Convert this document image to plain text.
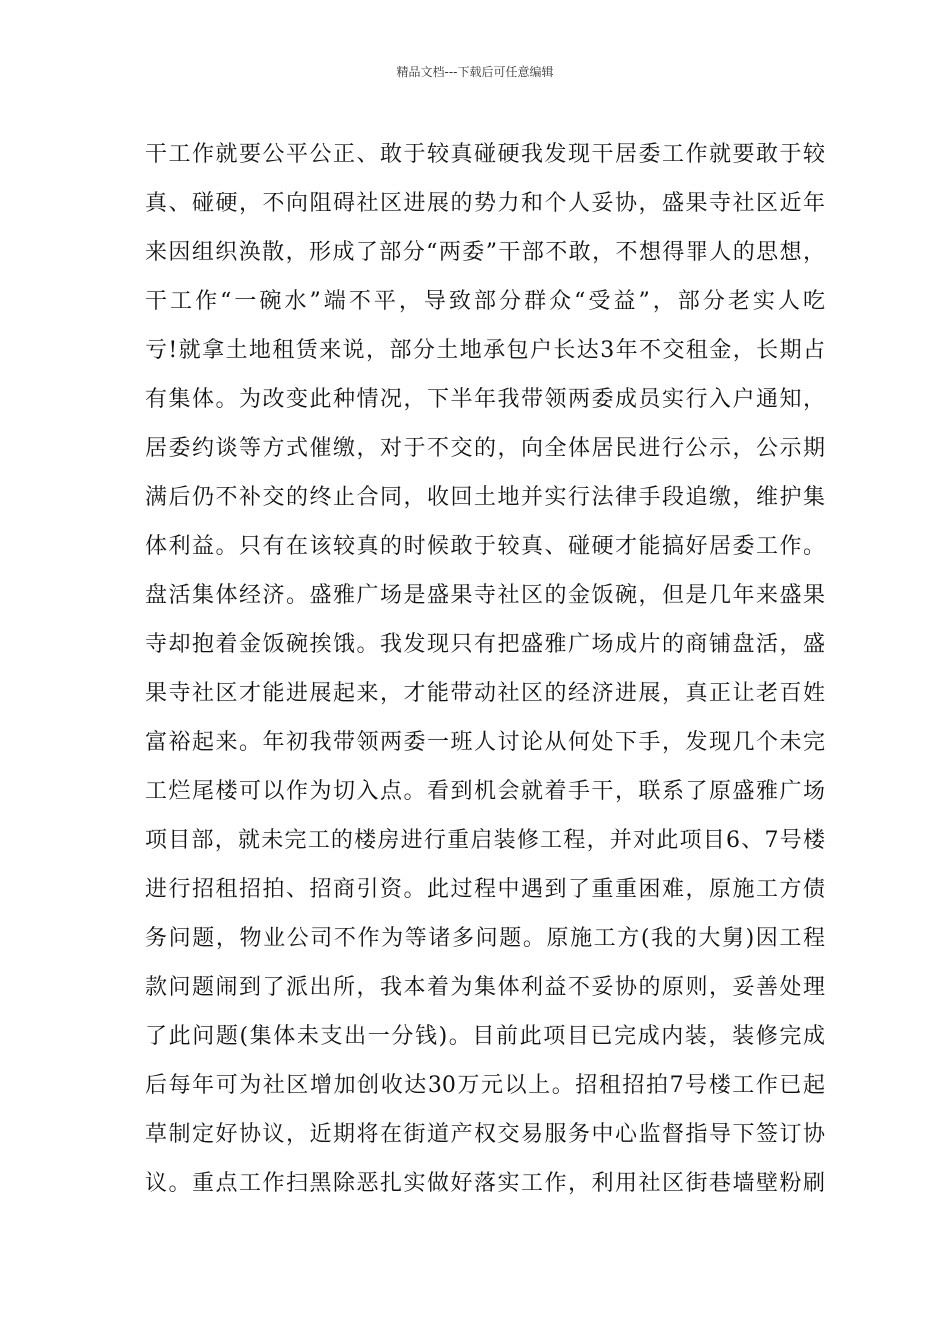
精品文档---下载后可任意编辑
干工作就要公平公正、敢于较真碰硬我发现干居委工作就要敢于较
真、碰硬，不向阻碍社区进展的势力和个人妥协，盛果寺社区近年
来因组织涣散，形成了部分“两委”干部不敢，不想得罪人的思想，
干工作“一碗水”端不平，导致部分群众“受益”，部分老实人吃
亏!就拿土地租赁来说，部分土地承包户长达3年不交租金，长期占
有集体。为改变此种情况，下半年我带领两委成员实行入户通知，
居委约谈等方式催缴，对于不交的，向全体居民进行公示，公示期
满后仍不补交的终止合同，收回土地并实行法律手段追缴，维护集
体利益。只有在该较真的时候敢于较真、碰硬才能搞好居委工作。
盘活集体经济。盛雅广场是盛果寺社区的金饭碗，但是几年来盛果
寺却抱着金饭碗挨饿。我发现只有把盛雅广场成片的商铺盘活，盛
果寺社区才能进展起来，才能带动社区的经济进展，真正让老百姓
富裕起来。年初我带领两委一班人讨论从何处下手，发现几个未完
工烂尾楼可以作为切入点。看到机会就着手干，联系了原盛雅广场
项目部，就未完工的楼房进行重启装修工程，并对此项目6、7号楼
进行招租招拍、招商引资。此过程中遇到了重重困难，原施工方债
务问题，物业公司不作为等诸多问题。原施工方(我的大舅)因工程
款问题闹到了派出所，我本着为集体利益不妥协的原则，妥善处理
了此问题(集体未支出一分钱)。目前此项目已完成内装，装修完成
后每年可为社区增加创收达30万元以上。招租招拍7号楼工作已起
草制定好协议，近期将在街道产权交易服务中心监督指导下签订协
议。重点工作扫黑除恶扎实做好落实工作，利用社区街巷墙壁粉刷
